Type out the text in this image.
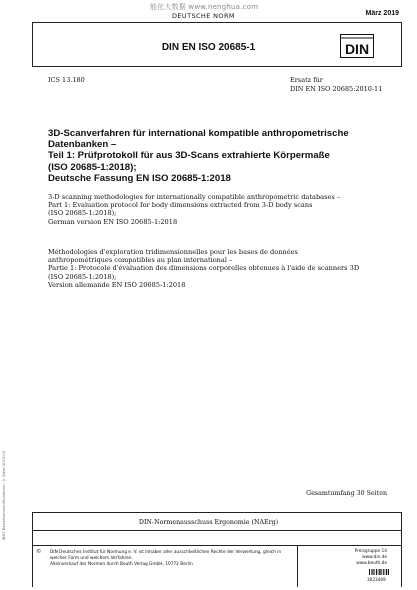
能化大数据 www.nenghua.com
DEUTSCHE NORM	März 2019
DIN EN ISO 20685-1	DIN
ICS 13.180	Ersatz für
DIN EN ISO 20685:2010-11
3D-Scanverfahren für international kompatible anthropometrische
Datenbanken –
Teil 1: Prüfprotokoll für aus 3D-Scans extrahierte Körpermaße
(ISO 20685-1:2018);
Deutsche Fassung EN ISO 20685-1:2018
3-D scanning methodologies for internationally compatible anthropometric databases –
Part 1: Evaluation protocol for body dimensions extracted from 3-D body scans
(ISO 20685-1:2018);
German version EN ISO 20685-1:2018
Méthodologies d'exploration tridimensionnelles pour les bases de données
anthropométriques compatibles au plan international –
Partie 1: Protocole d'évaluation des dimensions corporelles obtenues à l'aide de scanners 3D
(ISO 20685-1:2018);
Version allemande EN ISO 20685-1:2018
Gesamtumfang 30 Seiten
DIN-Normenausschuss Ergonomie (NAErg)
IBDT Bestellnummer/Kundennr.: 0. Datei 2019-03
© DIN Deutsches Institut für Normung e. V. ist Inhaber aller ausschließlichen Rechte der Verwertung, gleich in
welcher Form und welchem Verfahren.
Alleinverkauf der Normen durch Beuth Verlag GmbH, 10772 Berlin
Preisgruppe 14
www.din.de
www.beuth.de
3023469
